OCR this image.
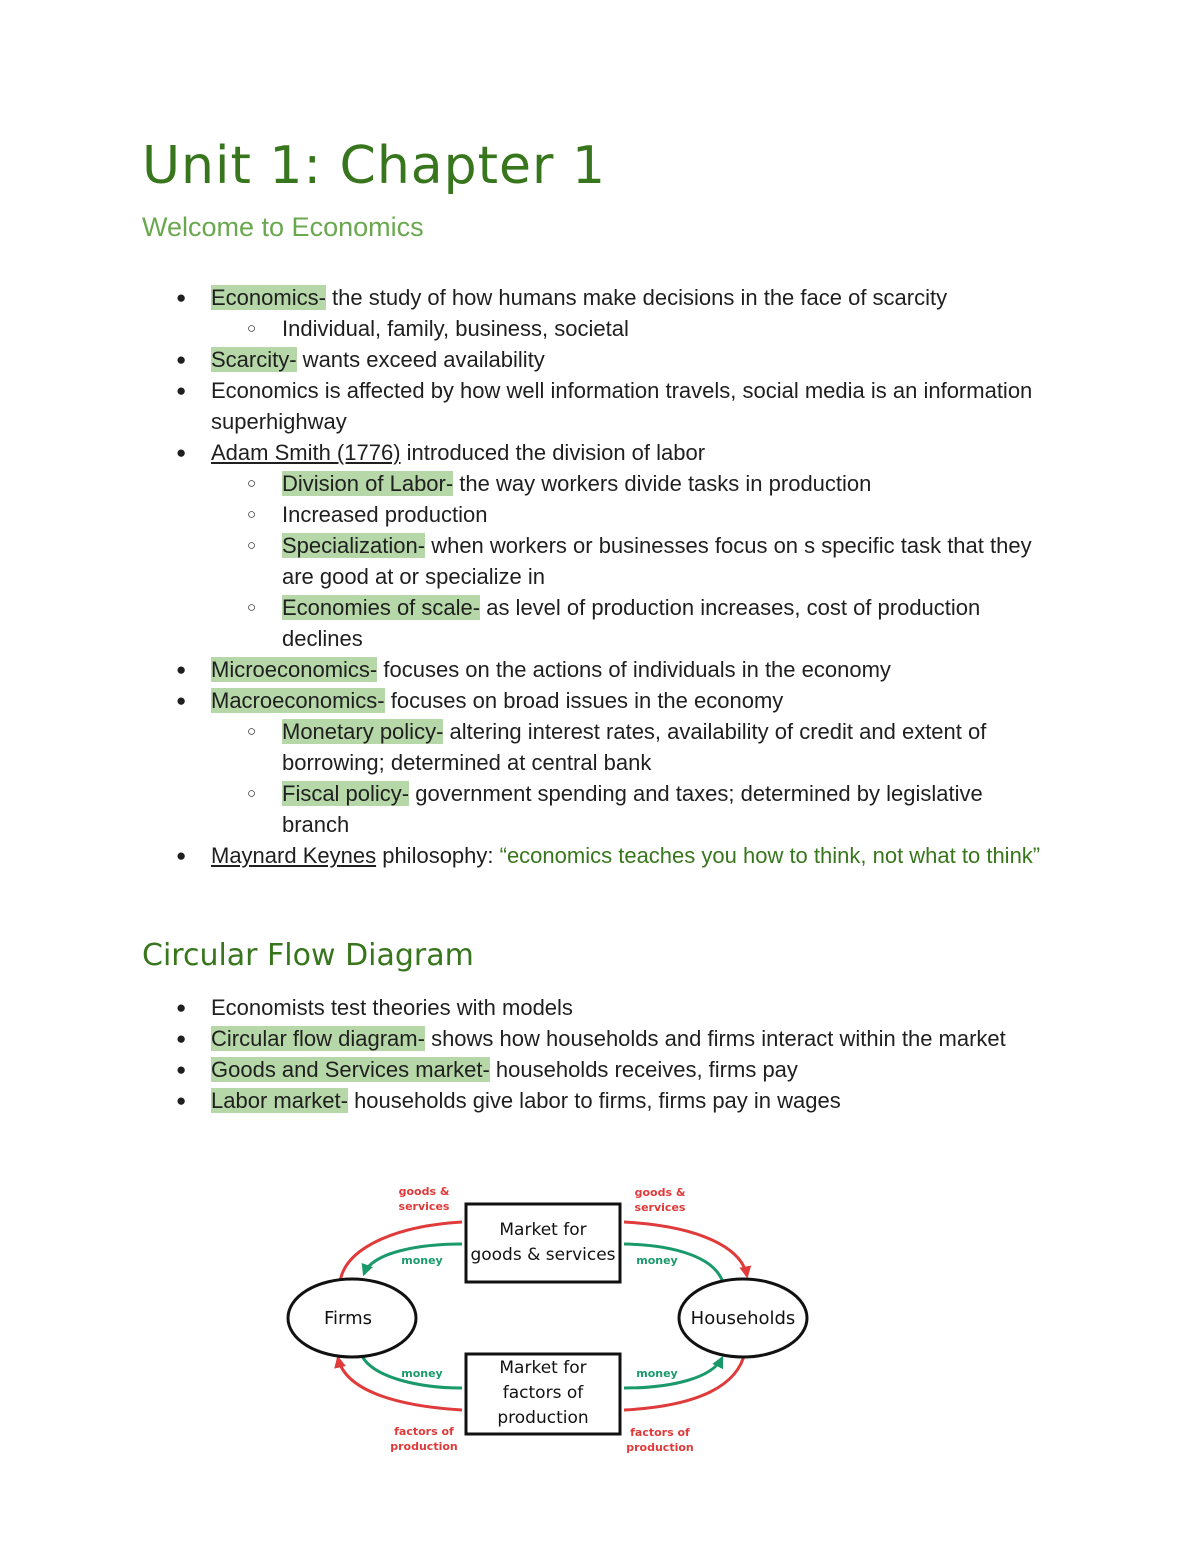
Unit 1: Chapter 1
Welcome to Economics
● Economics- the study of how humans make decisions in the face of scarcity
○ Individual, family, business, societal
● Scarcity- wants exceed availability
● Economics is affected by how well information travels, social media is an information superhighway
● Adam Smith (1776) introduced the division of labor
○ Division of Labor- the way workers divide tasks in production
○ Increased production
○ Specialization- when workers or businesses focus on s specific task that they are good at or specialize in
○ Economies of scale- as level of production increases, cost of production declines
● Microeconomics- focuses on the actions of individuals in the economy
● Macroeconomics- focuses on broad issues in the economy
○ Monetary policy- altering interest rates, availability of credit and extent of borrowing; determined at central bank
○ Fiscal policy- government spending and taxes; determined by legislative branch
● Maynard Keynes philosophy: “economics teaches you how to think, not what to think”
Circular Flow Diagram
● Economists test theories with models
● Circular flow diagram- shows how households and firms interact within the market
● Goods and Services market- households receives, firms pay
● Labor market- households give labor to firms, firms pay in wages
Firms	Households
Market for
goods & services
Market for
factors of
production
goods &
services
goods &
services
money	money
money	money
factors of
production
factors of
production
